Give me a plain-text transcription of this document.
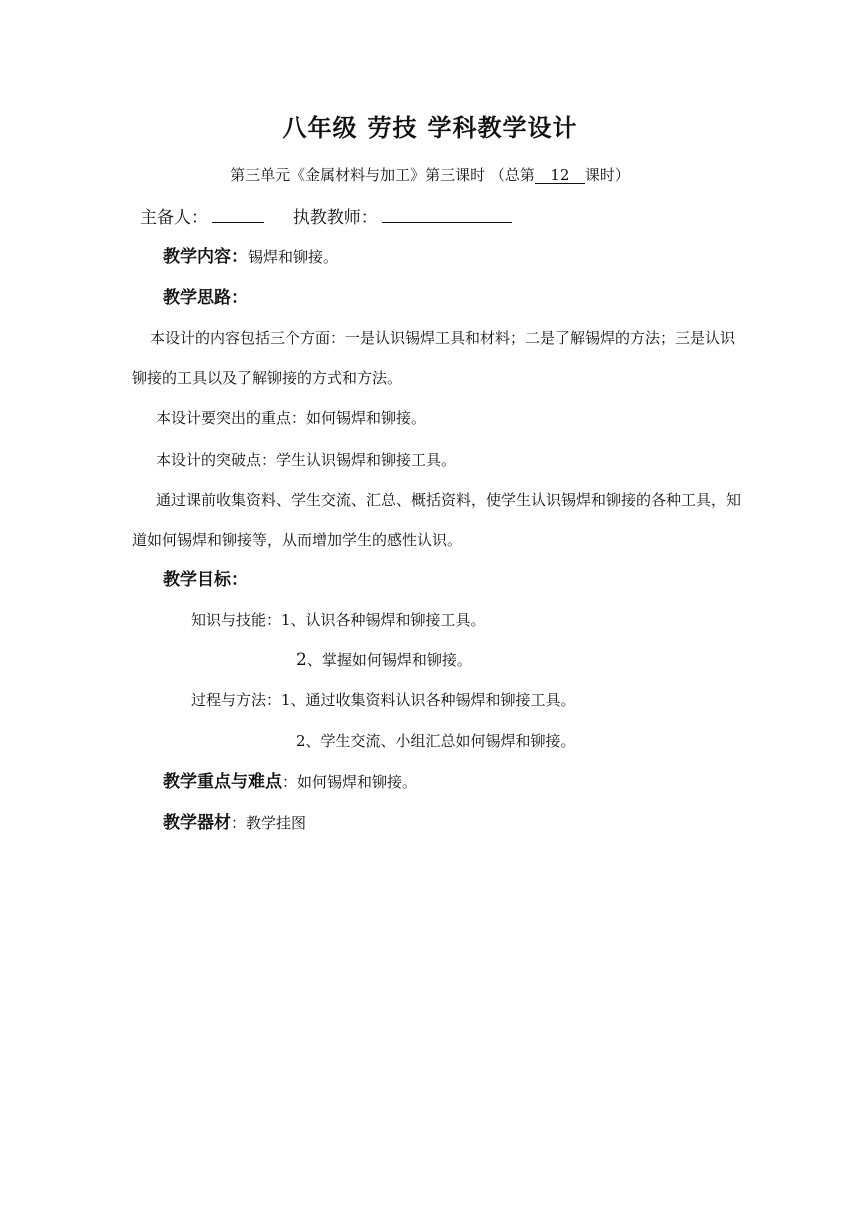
八年级 劳技 学科教学设计
第三单元《金属材料与加工》第三课时 （总第 12 课时）
主备人：	执教教师：
教学内容：锡焊和铆接。
教学思路：
本设计的内容包括三个方面：一是认识锡焊工具和材料；二是了解锡焊的方法；三是认识铆接的工具以及了解铆接的方式和方法。
本设计要突出的重点：如何锡焊和铆接。
本设计的突破点：学生认识锡焊和铆接工具。
通过课前收集资料、学生交流、汇总、概括资料，使学生认识锡焊和铆接的各种工具，知道如何锡焊和铆接等，从而增加学生的感性认识。
教学目标：
知识与技能：1、认识各种锡焊和铆接工具。
2、掌握如何锡焊和铆接。
过程与方法：1、通过收集资料认识各种锡焊和铆接工具。
2、学生交流、小组汇总如何锡焊和铆接。
教学重点与难点：如何锡焊和铆接。
教学器材：教学挂图
